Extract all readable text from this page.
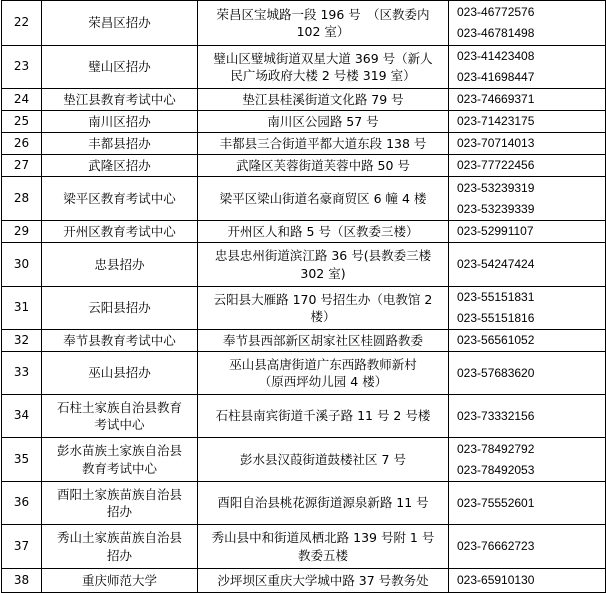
22	荣昌区招办	荣昌区宝城路一段 196 号　（区教委内
102 室）	023-46772576
023-46781498

23	璧山区招办	璧山区璧城街道双星大道 369 号（新人
民广场政府大楼 2 号楼 319 室）	023-41423408
023-41698447

24	垫江县教育考试中心	垫江县桂溪街道文化路 79 号	023-74669371

25	南川区招办	南川区公园路 57 号	023-71423175

26	丰都县招办	丰都县三合街道平都大道东段 138 号	023-70714013

27	武隆区招办	武隆区芙蓉街道芙蓉中路 50 号	023-77722456

28	梁平区教育考试中心	梁平区梁山街道名豪商贸区 6 幢 4 楼	023-53239319
023-53239339

29	开州区教育考试中心	开州区人和路 5 号（区教委三楼）	023-52991107

30	忠县招办	忠县忠州街道滨江路 36 号(县教委三楼
302 室)	023-54247424

31	云阳县招办	云阳县大雁路 170 号招生办（电教馆 2
楼）	023-55151831
023-55151816

32	奉节县教育考试中心	奉节县西部新区胡家社区桂圆路教委	023-56561052

33	巫山县招办	巫山县高唐街道广东西路教师新村
（原西坪幼儿园 4 楼）	023-57683620

34	石柱土家族自治县教育
考试中心	石柱县南宾街道千溪子路 11 号 2 号楼	023-73332156

35	彭水苗族土家族自治县
教育考试中心	彭水县汉葭街道鼓楼社区 7 号	023-78492792
023-78492053

36	酉阳土家族苗族自治县
招办	酉阳自治县桃花源街道源泉新路 11 号	023-75552601

37	秀山土家族苗族自治县
招办	秀山县中和街道凤栖北路 139 号附 1 号
教委五楼	023-76662723

38	重庆师范大学	沙坪坝区重庆大学城中路 37 号教务处	023-65910130
